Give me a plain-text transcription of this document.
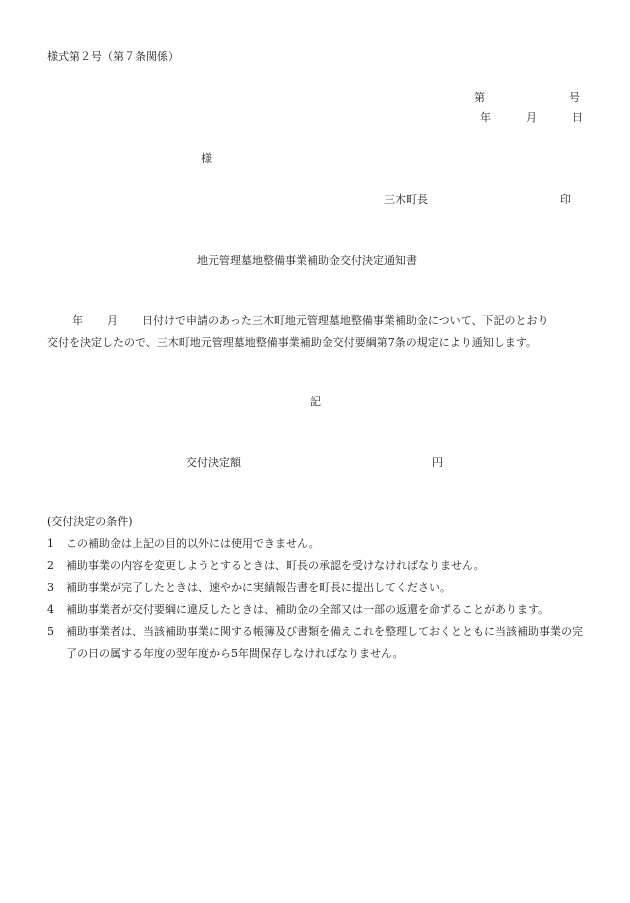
様式第２号（第７条関係）
第	号
年	月	日
様
三木町長	印
地元管理墓地整備事業補助金交付決定通知書

年 月 日付けで申請のあった三木町地元管理墓地整備事業補助金について、下記のとおり

交付を決定したので、三木町地元管理墓地整備事業補助金交付要綱第7条の規定により通知します。

記
交付決定額	円
(交付決定の条件)
1	この補助金は上記の目的以外には使用できません。
2	補助事業の内容を変更しようとするときは、町長の承認を受けなければなりません。
3	補助事業が完了したときは、速やかに実績報告書を町長に提出してください。
4	補助事業者が交付要綱に違反したときは、補助金の全部又は一部の返還を命ずることがあります。
5	補助事業者は、当該補助事業に関する帳簿及び書類を備えこれを整理しておくとともに当該補助事業の完了の日の属する年度の翌年度から5年間保存しなければなりません。
